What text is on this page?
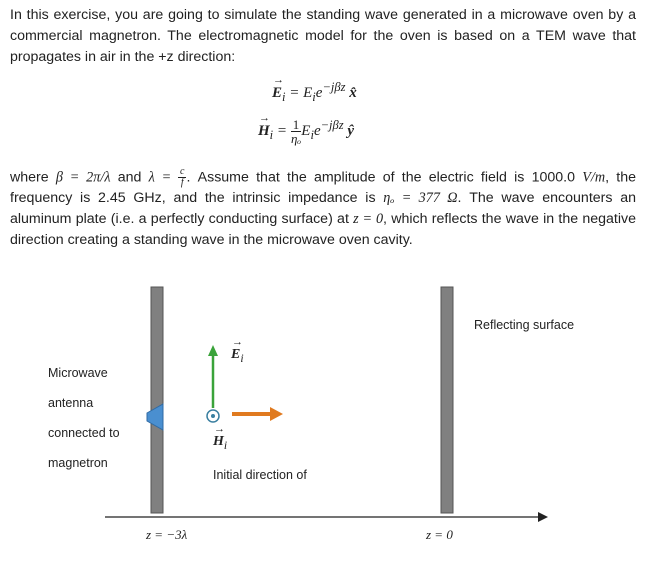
In this exercise, you are going to simulate the standing wave generated in a microwave oven by a commercial magnetron. The electromagnetic model for the oven is based on a TEM wave that propagates in air in the +z direction:

→ $E_i = E_ie^{-j\beta z}$ x̂
→ $H_i = \frac{1}{\text{ηₒ}} E_ie^{-j\beta z}$ ŷ

where β = 2π/λ and $\lambda = \frac{c}{f}$ . Assume that the amplitude of the electric field is 1000.0 V/m, the frequency is 2.45 GHz, and the intrinsic impedance is ηₒ = 377 Ω. The wave encounters an aluminum plate (i.e. a perfectly conducting surface) at z = 0, which reflects the wave in the negative direction creating a standing wave in the microwave oven cavity.

Microwave
antenna
connected to
magnetron
→ $E_i$
→ $H_i$
Initial direction of
Reflecting surface
z = −3λ	z = 0
